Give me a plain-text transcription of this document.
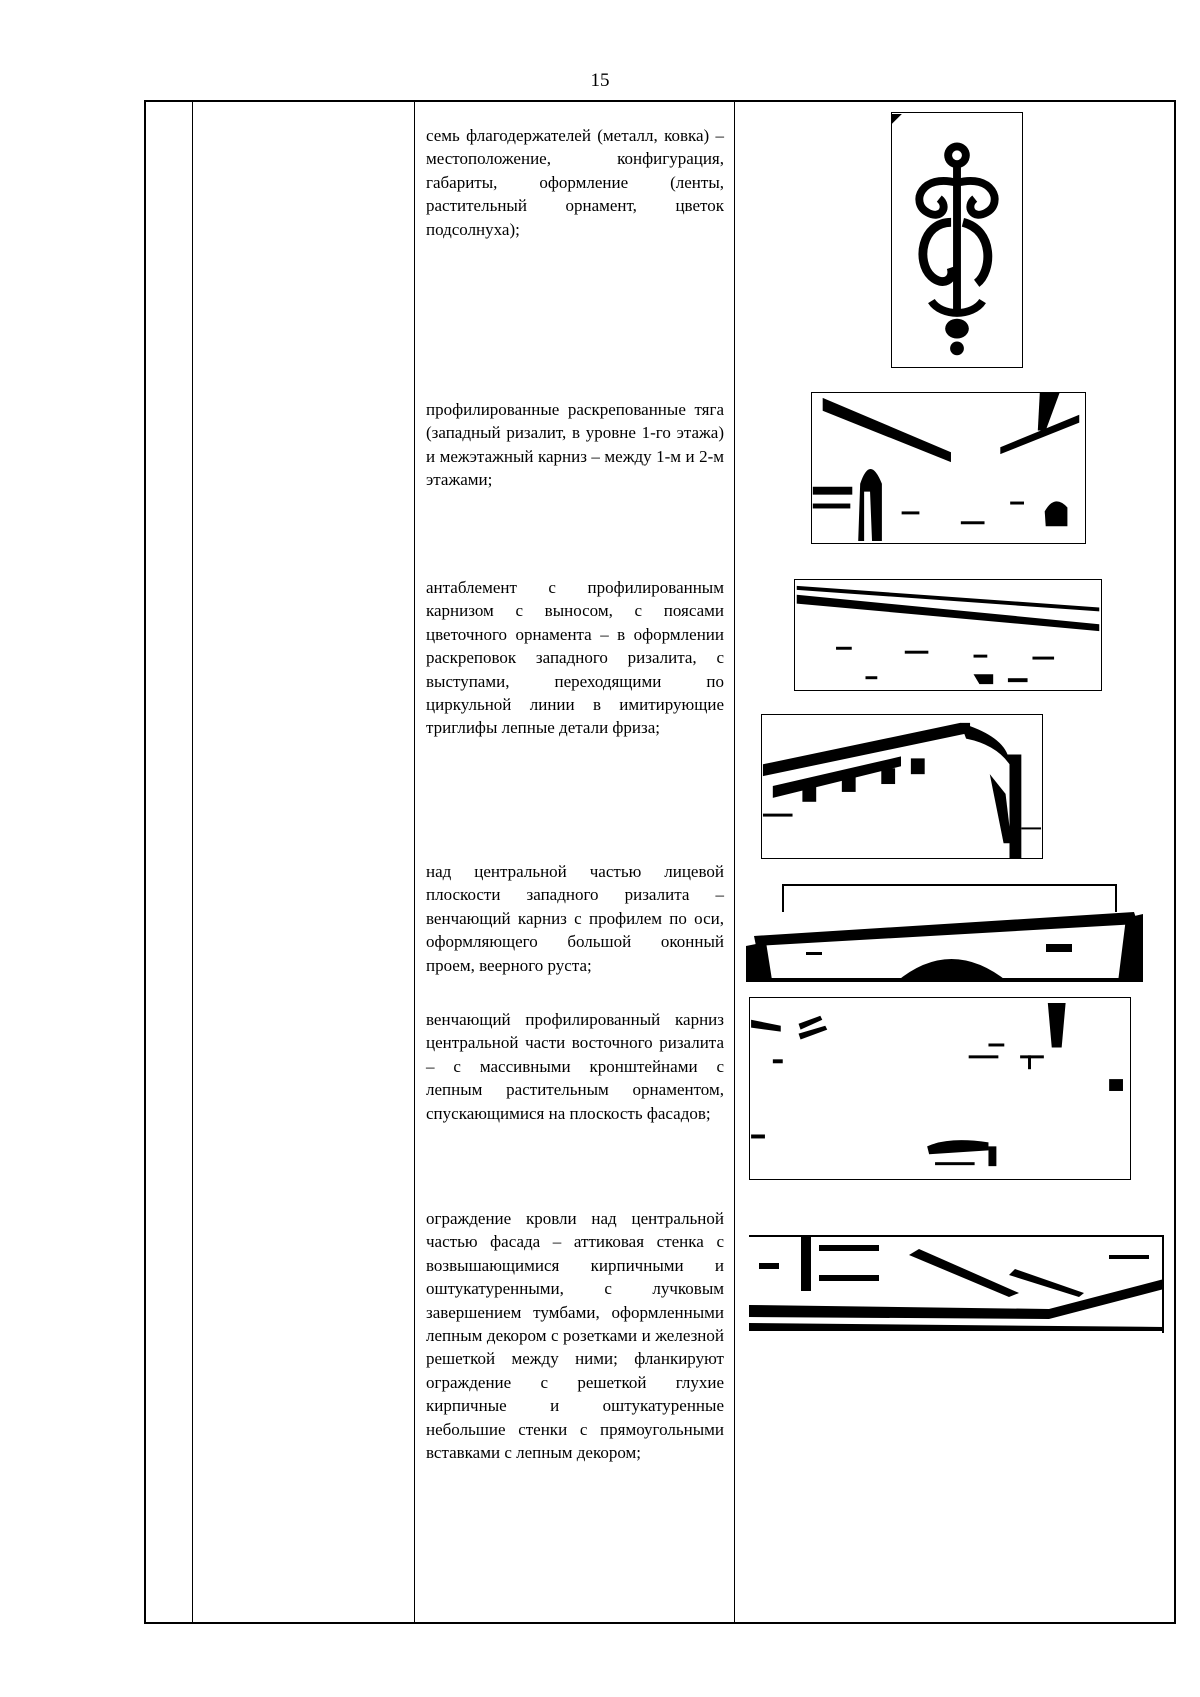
15

семь флагодержателей (металл, ковка) – местоположение, конфигурация, габариты, оформление (ленты, растительный орнамент, цветок подсолнуха);

профилированные раскрепованные тяга (западный ризалит, в уровне 1-го этажа) и межэтажный карниз – между 1-м и 2-м этажами;

антаблемент с профилированным карнизом с выносом, с поясами цветочного орнамента – в оформлении раскреповок западного ризалита, с выступами, переходящими по циркульной линии в имитирующие триглифы лепные детали фриза;

над центральной частью лицевой плоскости западного ризалита – венчающий карниз с профилем по оси, оформляющего большой оконный проем, веерного руста;

венчающий профилированный карниз центральной части восточного ризалита – с массивными кронштейнами с лепным растительным орнаментом, спускающимися на плоскость фасадов;

ограждение кровли над центральной частью фасада – аттиковая стенка с возвышающимися кирпичными и оштукатуренными, с лучковым завершением тумбами, оформленными лепным декором с розетками и железной решеткой между ними; фланкируют ограждение с решеткой глухие кирпичные и оштукатуренные небольшие стенки с прямоугольными вставками с лепным декором;
